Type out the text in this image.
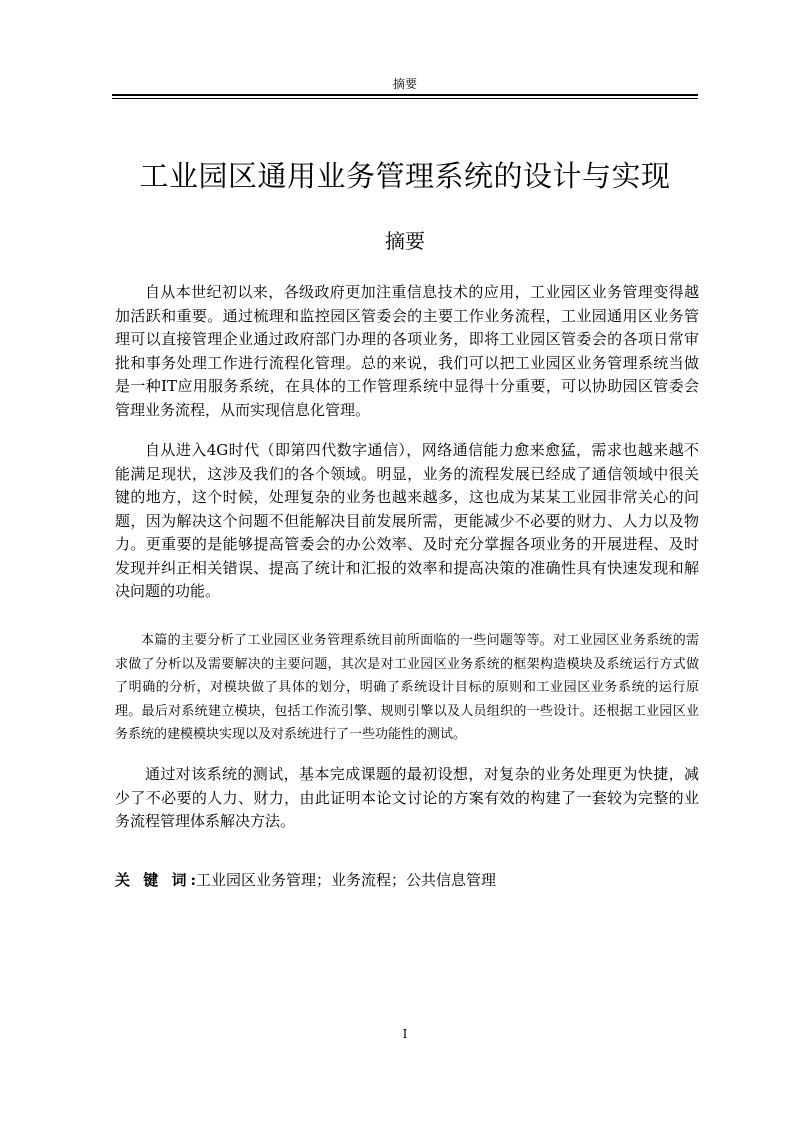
摘要
工业园区通用业务管理系统的设计与实现
摘要

自从本世纪初以来，各级政府更加注重信息技术的应用，工业园区业务管理变得越加活跃和重要。通过梳理和监控园区管委会的主要工作业务流程，工业园通用区业务管理可以直接管理企业通过政府部门办理的各项业务，即将工业园区管委会的各项日常审批和事务处理工作进行流程化管理。总的来说，我们可以把工业园区业务管理系统当做是一种IT应用服务系统，在具体的工作管理系统中显得十分重要，可以协助园区管委会管理业务流程，从而实现信息化管理。

自从进入4G时代（即第四代数字通信），网络通信能力愈来愈猛，需求也越来越不能满足现状，这涉及我们的各个领域。明显，业务的流程发展已经成了通信领域中很关键的地方，这个时候，处理复杂的业务也越来越多，这也成为某某工业园非常关心的问题，因为解决这个问题不但能解决目前发展所需，更能减少不必要的财力、人力以及物力。更重要的是能够提高管委会的办公效率、及时充分掌握各项业务的开展进程、及时发现并纠正相关错误、提高了统计和汇报的效率和提高决策的准确性具有快速发现和解决问题的功能。

本篇的主要分析了工业园区业务管理系统目前所面临的一些问题等等。对工业园区业务系统的需求做了分析以及需要解决的主要问题，其次是对工业园区业务系统的框架构造模块及系统运行方式做了明确的分析，对模块做了具体的划分，明确了系统设计目标的原则和工业园区业务系统的运行原理。最后对系统建立模块，包括工作流引擎、规则引擎以及人员组织的一些设计。还根据工业园区业务系统的建模模块实现以及对系统进行了一些功能性的测试。

通过对该系统的测试，基本完成课题的最初设想，对复杂的业务处理更为快捷，减少了不必要的人力、财力，由此证明本论文讨论的方案有效的构建了一套较为完整的业务流程管理体系解决方法。

关 键 词:工业园区业务管理；业务流程；公共信息管理
I
